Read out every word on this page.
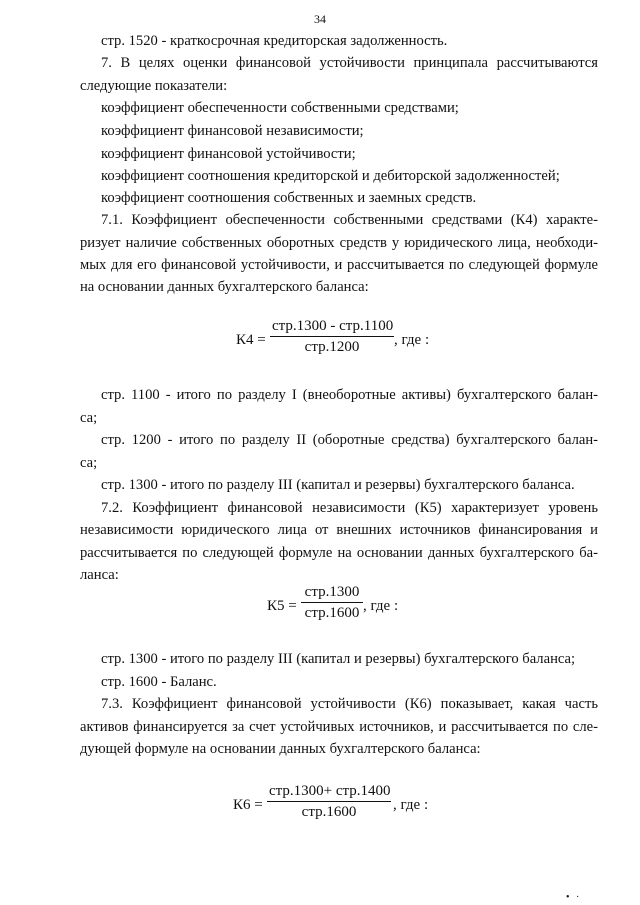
34
стр. 1520 - краткосрочная кредиторская задолженность.
7. В целях оценки финансовой устойчивости принципала рассчитываются
следующие показатели:
коэффициент обеспеченности собственными средствами;
коэффициент финансовой независимости;
коэффициент финансовой устойчивости;
коэффициент соотношения кредиторской и дебиторской задолженностей;
коэффициент соотношения собственных и заемных средств.
7.1. Коэффициент обеспеченности собственными средствами (К4) характе-
ризует наличие собственных оборотных средств у юридического лица, необходи-
мых для его финансовой устойчивости, и рассчитывается по следующей формуле
на основании данных бухгалтерского баланса:
К4 =
стр.1300 - стр.1100
стр.1200	, где :
стр. 1100 - итого по разделу I (внеоборотные активы) бухгалтерского балан-
са;
стр. 1200 - итого по разделу II (оборотные средства) бухгалтерского балан-
са;
стр. 1300 - итого по разделу III (капитал и резервы) бухгалтерского баланса.
7.2. Коэффициент финансовой независимости (К5) характеризует уровень
независимости юридического лица от внешних источников финансирования и
рассчитывается по следующей формуле на основании данных бухгалтерского ба-
ланса:
К5 =
стр.1300
стр.1600 , где :
стр. 1300 - итого по разделу III (капитал и резервы) бухгалтерского баланса;
стр. 1600 - Баланс.
7.3. Коэффициент финансовой устойчивости (К6) показывает, какая часть
активов финансируется за счет устойчивых источников, и рассчитывается по сле-
дующей формуле на основании данных бухгалтерского баланса:
К6 =
стр.1300+ стр.1400
стр.1600	, где :
• ·
